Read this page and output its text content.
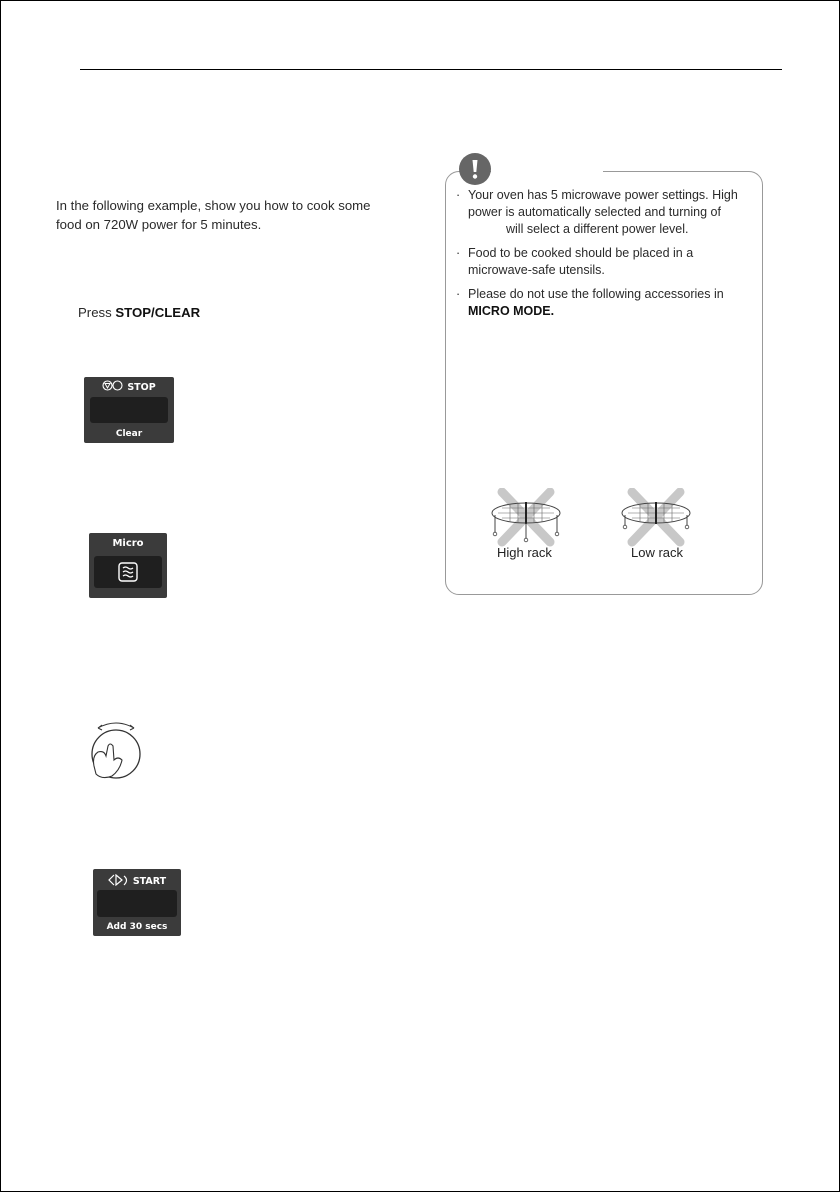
In the following example, show you how to cook some
food on 720W power for 5 minutes.
Press STOP/CLEAR
STOP
Clear
Micro
START
Add 30 secs
· Your oven has 5 microwave power settings. High
power is automatically selected and turning of
will select a different power level.
· Food to be cooked should be placed in a
microwave-safe utensils.
· Please do not use the following accessories in
MICRO MODE.
High rack	Low rack
